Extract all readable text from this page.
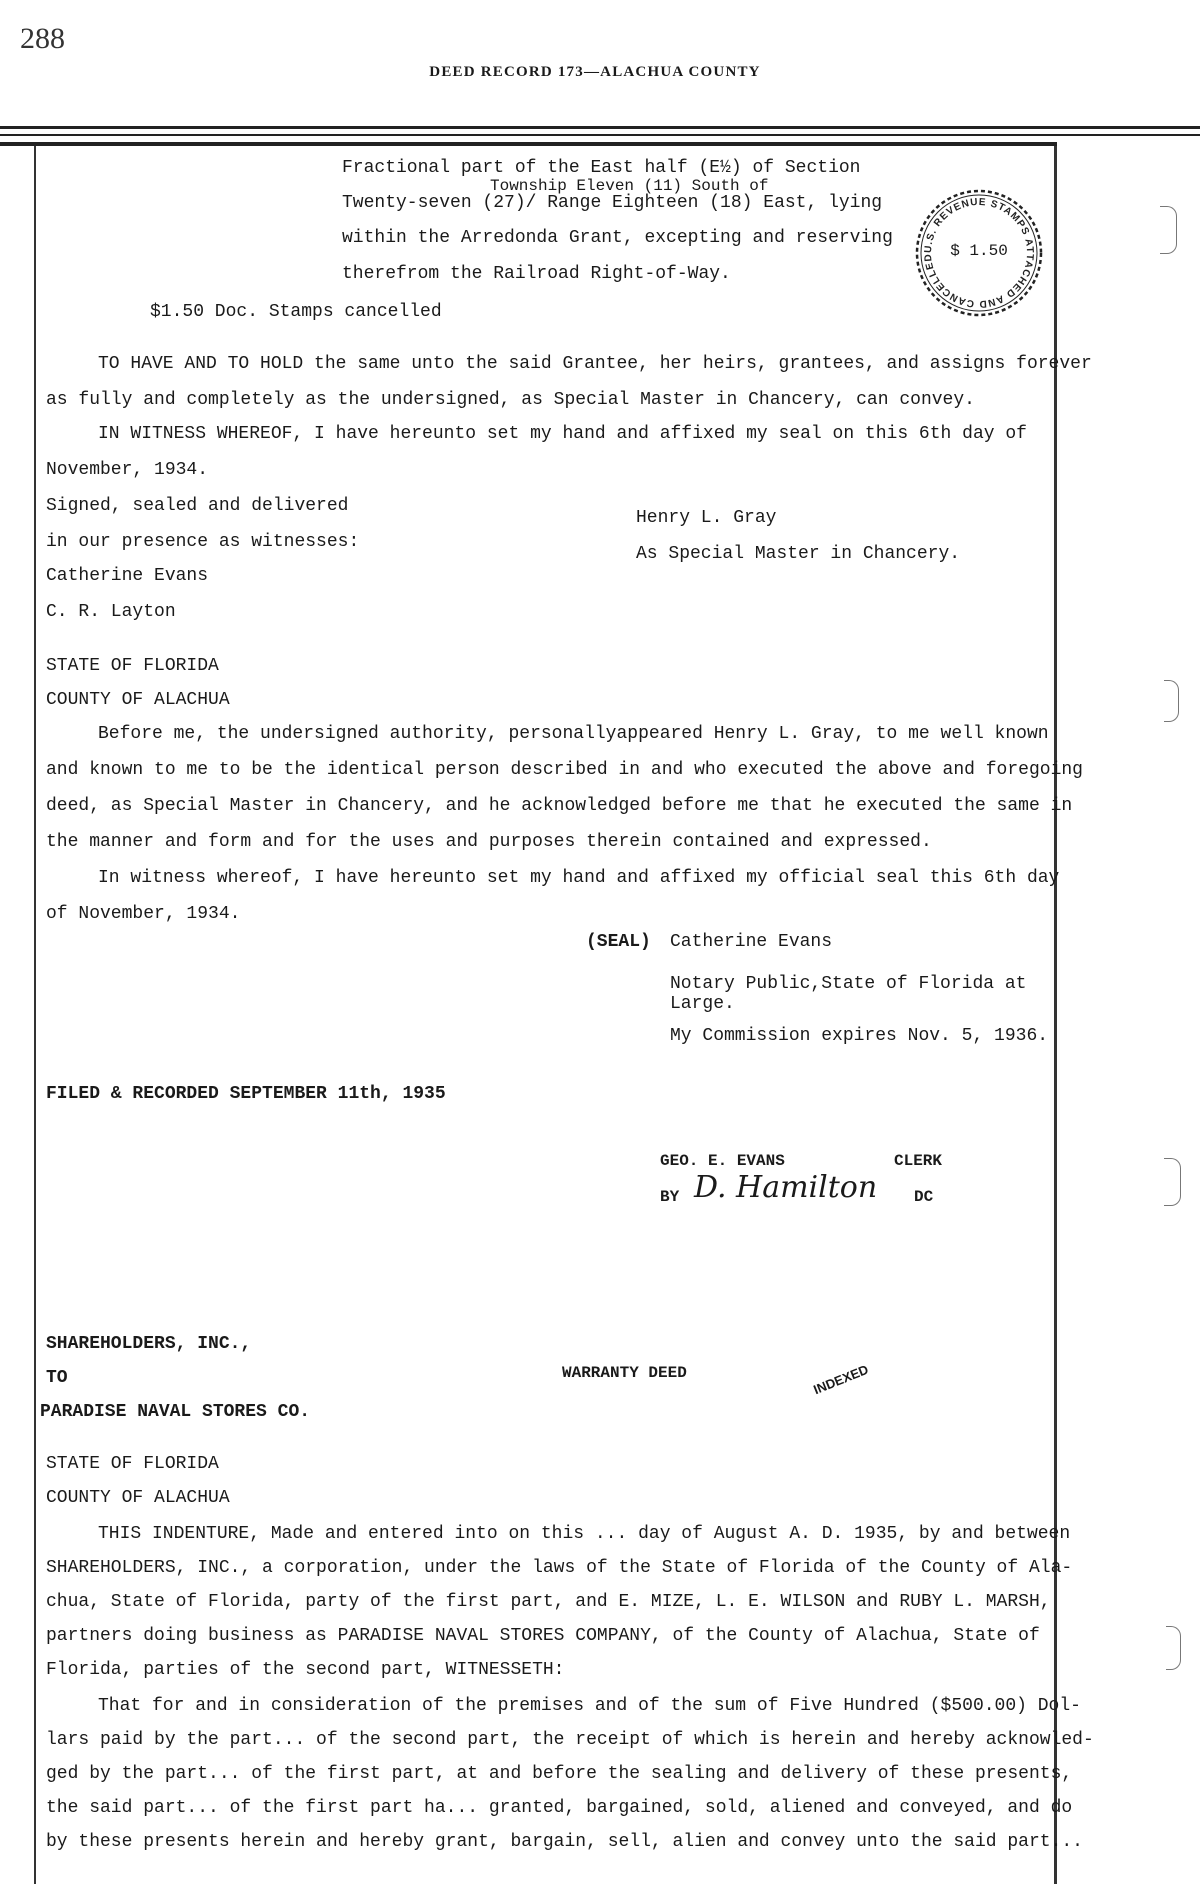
288
DEED RECORD 173—ALACHUA COUNTY
Fractional part of the East half (E½) of Section
Township Eleven (11) South of
Twenty-seven (27)/ Range Eighteen (18) East, lying
within the Arredonda Grant, excepting and reserving
therefrom the Railroad Right-of-Way.
U.S. REVENUE STAMPS ATTACHED AND CANCELLED $ 1.50
$1.50 Doc. Stamps cancelled
TO HAVE AND TO HOLD the same unto the said Grantee, her heirs, grantees, and assigns forever
as fully and completely as the undersigned, as Special Master in Chancery, can convey.
IN WITNESS WHEREOF, I have hereunto set my hand and affixed my seal on this 6th day of
November, 1934.
Signed, sealed and delivered
in our presence as witnesses:
Catherine Evans
C. R. Layton
Henry L. Gray
As Special Master in Chancery.
STATE OF FLORIDA
COUNTY OF ALACHUA
Before me, the undersigned authority, personallyappeared Henry L. Gray, to me well known
and known to me to be the identical person described in and who executed the above and foregoing
deed, as Special Master in Chancery, and he acknowledged before me that he executed the same in
the manner and form and for the uses and purposes therein contained and expressed.
In witness whereof, I have hereunto set my hand and affixed my official seal this 6th day
of November, 1934.
(SEAL) Catherine Evans
Notary Public,State of Florida at
Large.
My Commission expires Nov. 5, 1936.
FILED & RECORDED SEPTEMBER 11th, 1935
GEO. E. EVANS	CLERK
BY D. Hamilton DC
SHAREHOLDERS, INC.,
TO
PARADISE NAVAL STORES CO.
WARRANTY DEED	INDEXED
STATE OF FLORIDA
COUNTY OF ALACHUA
THIS INDENTURE, Made and entered into on this ... day of August A. D. 1935, by and between
SHAREHOLDERS, INC., a corporation, under the laws of the State of Florida of the County of Ala-
chua, State of Florida, party of the first part, and E. MIZE, L. E. WILSON and RUBY L. MARSH,
partners doing business as PARADISE NAVAL STORES COMPANY, of the County of Alachua, State of
Florida, parties of the second part, WITNESSETH:
That for and in consideration of the premises and of the sum of Five Hundred ($500.00) Dol-
lars paid by the part... of the second part, the receipt of which is herein and hereby acknowled-
ged by the part... of the first part, at and before the sealing and delivery of these presents,
the said part... of the first part ha... granted, bargained, sold, aliened and conveyed, and do
by these presents herein and hereby grant, bargain, sell, alien and convey unto the said part...
